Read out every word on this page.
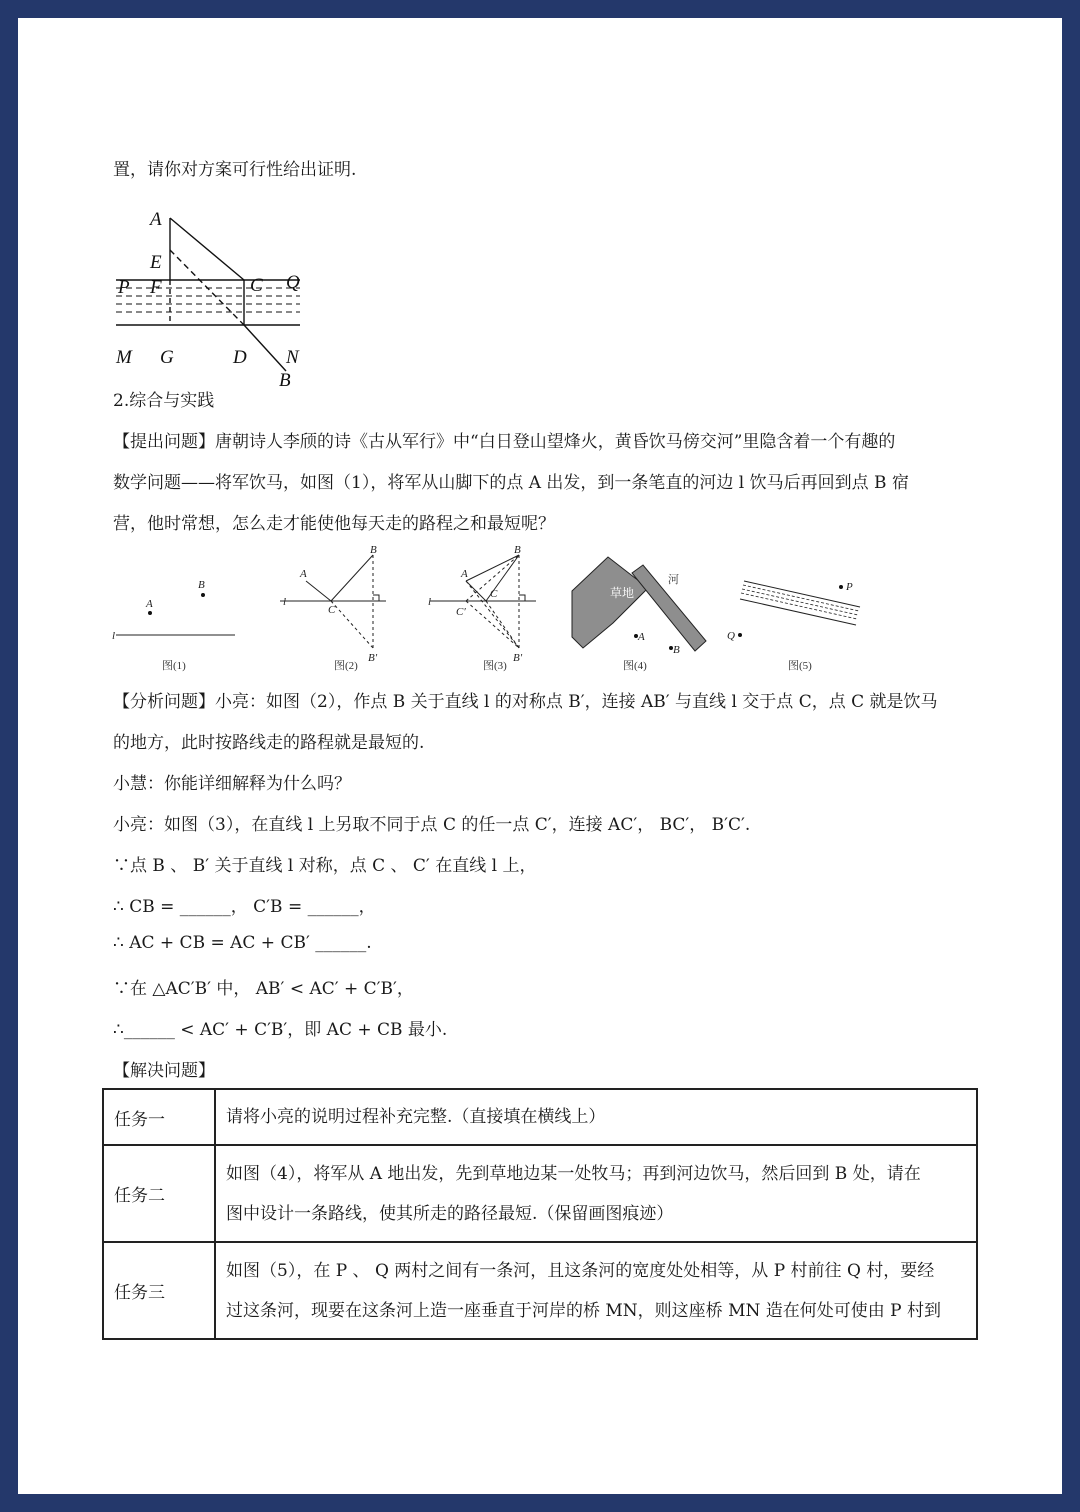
置，请你对方案可行性给出证明.
A
E
P F	C Q
M G	D N
B
2.综合与实践
【提出问题】唐朝诗人李颀的诗《古从军行》中“白日登山望烽火，黄昏饮马傍交河”里隐含着一个有趣的
数学问题——将军饮马，如图（1），将军从山脚下的点 A 出发，到一条笔直的河边 l 饮马后再回到点 B 宿
营，他时常想，怎么走才能使他每天走的路程之和最短呢？
l
A
B
图(1)
l
A
B
C
B′
图(2)
l
A
B
C
C′
B′
图(3)
A
B
草地
河
图(4)
P
Q
图(5)
【分析问题】小亮：如图（2），作点 B 关于直线 l 的对称点 B′，连接 AB′ 与直线 l 交于点 C，点 C 就是饮马
的地方，此时按路线走的路程就是最短的.
小慧：你能详细解释为什么吗？
小亮：如图（3），在直线 l 上另取不同于点 C 的任一点 C′，连接 AC′， BC′， B′C′.
∵点 B 、 B′ 关于直线 l 对称，点 C 、 C′ 在直线 l 上，
∴ CB = ______， C′B = ______，
∴ AC + CB = AC + CB′ ______.
∵在 △AC′B′ 中， AB′ < AC′ + C′B′，
∴______ < AC′ + C′B′，即 AC + CB 最小.
【解决问题】
任务一	请将小亮的说明过程补充完整.（直接填在横线上）

任务二	如图（4），将军从 A 地出发，先到草地边某一处牧马；再到河边饮马，然后回到 B 处，请在
图中设计一条路线，使其所走的路径最短.（保留画图痕迹）

任务三	如图（5），在 P 、 Q 两村之间有一条河，且这条河的宽度处处相等，从 P 村前往 Q 村，要经
过这条河，现要在这条河上造一座垂直于河岸的桥 MN，则这座桥 MN 造在何处可使由 P 村到
